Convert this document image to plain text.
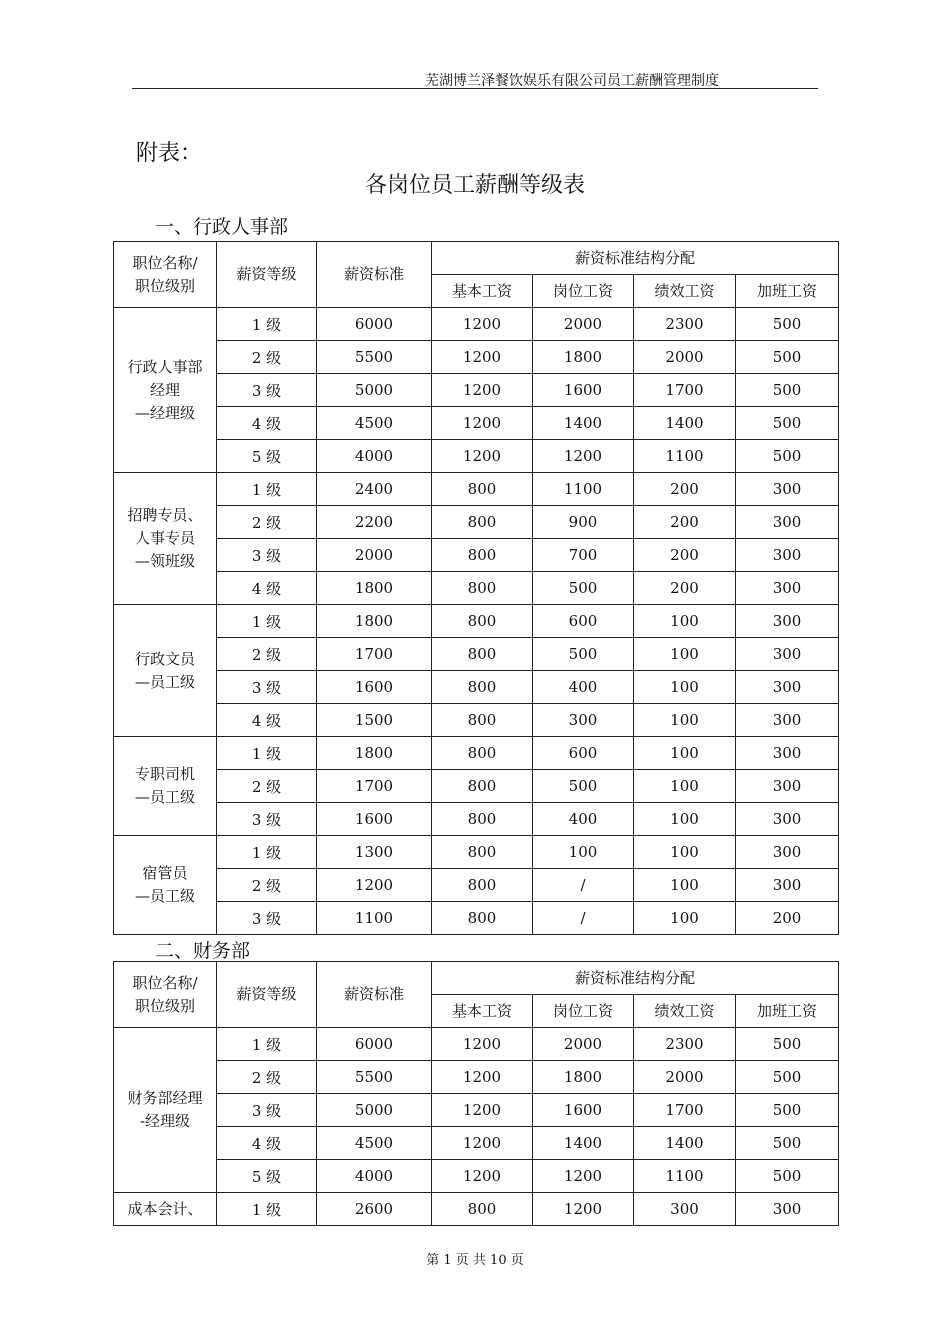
芜湖博兰泽餐饮娱乐有限公司员工薪酬管理制度
附表：
各岗位员工薪酬等级表
一、行政人事部
职位名称/
职位级别	薪资等级	薪资标准	薪资标准结构分配			
			基本工资	岗位工资	绩效工资	加班工资
行政人事部
经理
—经理级	1 级	6000	1200	2000	2300	500
	2 级	5500	1200	1800	2000	500
	3 级	5000	1200	1600	1700	500
	4 级	4500	1200	1400	1400	500
	5 级	4000	1200	1200	1100	500
招聘专员、
人事专员
—领班级	1 级	2400	800	1100	200	300
	2 级	2200	800	900	200	300
	3 级	2000	800	700	200	300
	4 级	1800	800	500	200	300
行政文员
—员工级	1 级	1800	800	600	100	300
	2 级	1700	800	500	100	300
	3 级	1600	800	400	100	300
	4 级	1500	800	300	100	300
专职司机
—员工级	1 级	1800	800	600	100	300
	2 级	1700	800	500	100	300
	3 级	1600	800	400	100	300
宿管员
—员工级	1 级	1300	800	100	100	300
	2 级	1200	800	/	100	300
	3 级	1100	800	/	100	200
二、财务部
职位名称/
职位级别	薪资等级	薪资标准	薪资标准结构分配			
			基本工资	岗位工资	绩效工资	加班工资
财务部经理
-经理级	1 级	6000	1200	2000	2300	500
	2 级	5500	1200	1800	2000	500
	3 级	5000	1200	1600	1700	500
	4 级	4500	1200	1400	1400	500
	5 级	4000	1200	1200	1100	500
成本会计、	1 级	2600	800	1200	300	300
第 1 页 共 10 页
